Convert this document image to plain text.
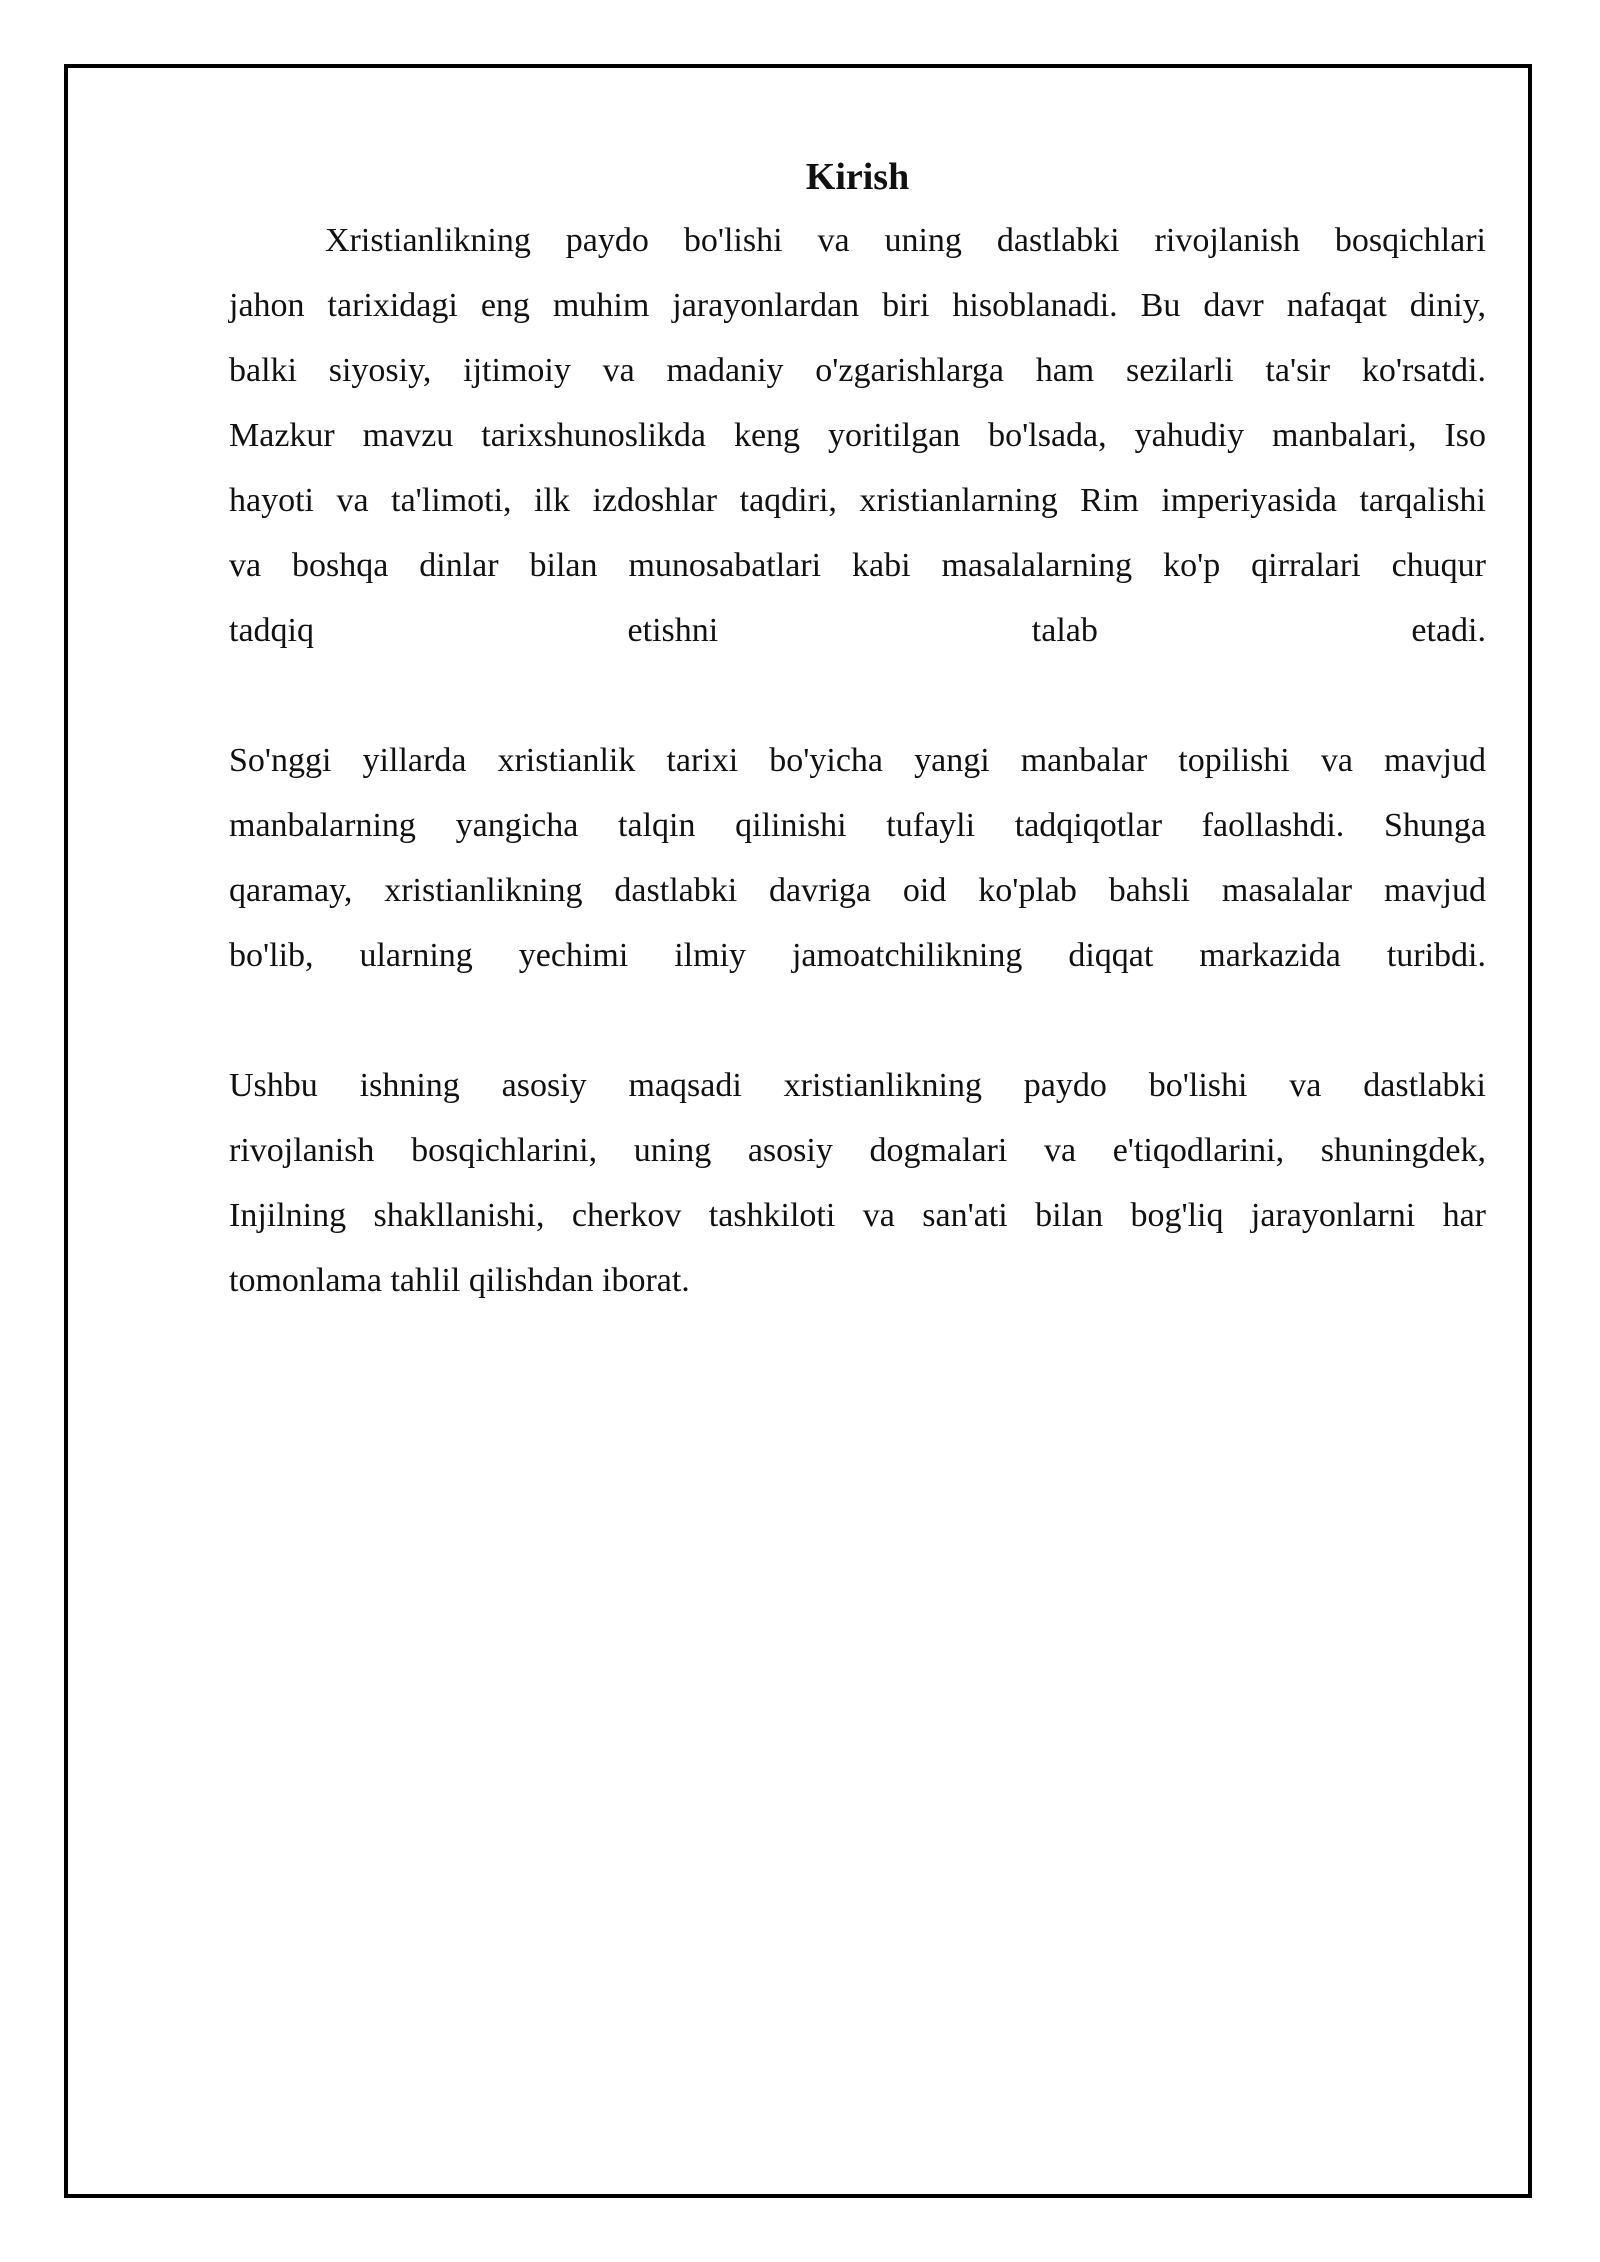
Kirish
Xristianlikning paydo bo'lishi va uning dastlabki rivojlanish bosqichlari
jahon tarixidagi eng muhim jarayonlardan biri hisoblanadi. Bu davr nafaqat diniy,
balki siyosiy, ijtimoiy va madaniy o'zgarishlarga ham sezilarli ta'sir ko'rsatdi.
Mazkur mavzu tarixshunoslikda keng yoritilgan bo'lsada, yahudiy manbalari, Iso
hayoti va ta'limoti, ilk izdoshlar taqdiri, xristianlarning Rim imperiyasida tarqalishi
va boshqa dinlar bilan munosabatlari kabi masalalarning ko'p qirralari chuqur
tadqiq etishni talab etadi.
So'nggi yillarda xristianlik tarixi bo'yicha yangi manbalar topilishi va mavjud
manbalarning yangicha talqin qilinishi tufayli tadqiqotlar faollashdi. Shunga
qaramay, xristianlikning dastlabki davriga oid ko'plab bahsli masalalar mavjud
bo'lib, ularning yechimi ilmiy jamoatchilikning diqqat markazida turibdi.
Ushbu ishning asosiy maqsadi xristianlikning paydo bo'lishi va dastlabki
rivojlanish bosqichlarini, uning asosiy dogmalari va e'tiqodlarini, shuningdek,
Injilning shakllanishi, cherkov tashkiloti va san'ati bilan bog'liq jarayonlarni har
tomonlama tahlil qilishdan iborat.
